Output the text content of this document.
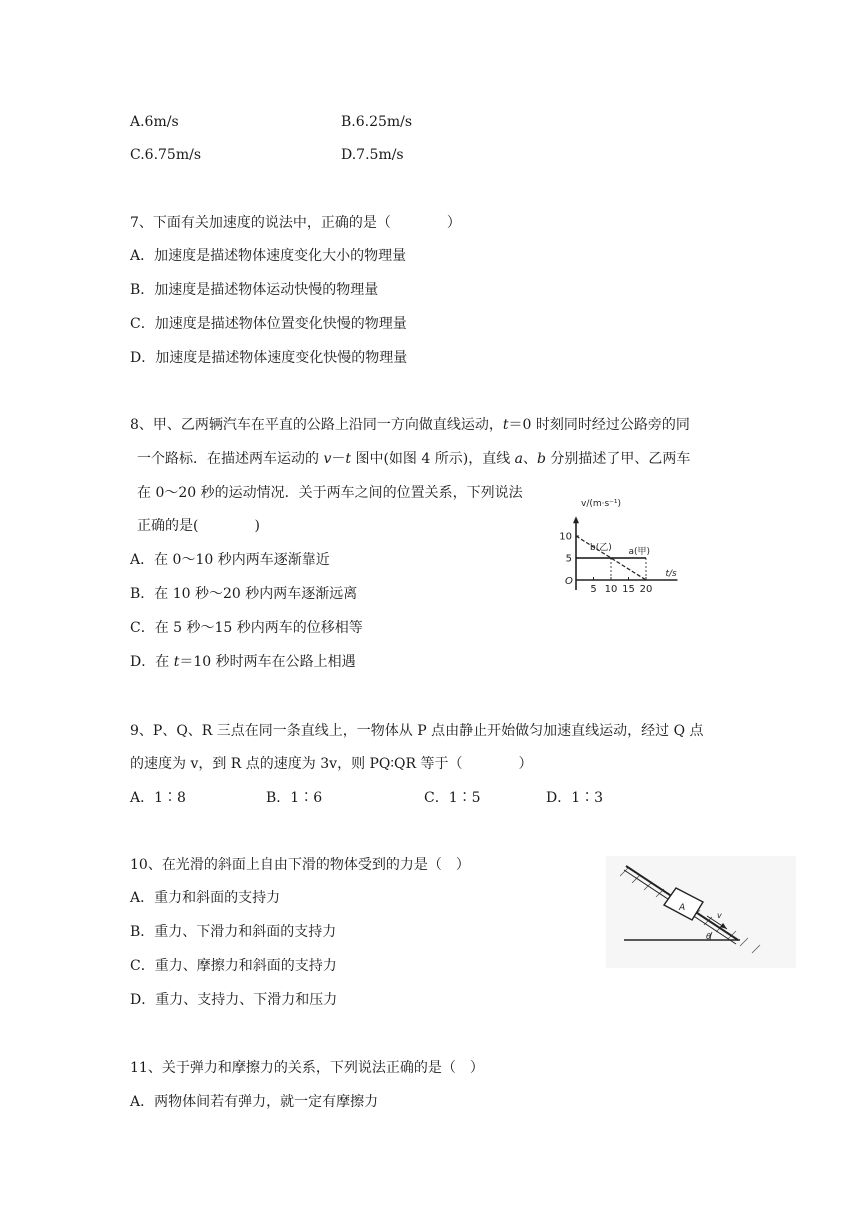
A.6m/s	B.6.25m/s
C.6.75m/s	D.7.5m/s
7、下面有关加速度的说法中，正确的是（　　　　）
A．加速度是描述物体速度变化大小的物理量
B．加速度是描述物体运动快慢的物理量
C．加速度是描述物体位置变化快慢的物理量
D．加速度是描述物体速度变化快慢的物理量
8、甲、乙两辆汽车在平直的公路上沿同一方向做直线运动，t＝0 时刻同时经过公路旁的同
一个路标．在描述两车运动的 v－t 图中(如图 4 所示)，直线 a、b 分别描述了甲、乙两车
在 0～20 秒的运动情况．关于两车之间的位置关系，下列说法
正确的是(　　　　)
A．在 0～10 秒内两车逐渐靠近
B．在 10 秒～20 秒内两车逐渐远离
C．在 5 秒～15 秒内两车的位移相等
D．在 t＝10 秒时两车在公路上相遇
5
10
5 10 15 20
a(甲)
b(乙)
v/(m·s⁻¹)
t/s
O
9、P、Q、R 三点在同一条直线上，一物体从 P 点由静止开始做匀加速直线运动，经过 Q 点
的速度为 v，到 R 点的速度为 3v，则 PQ∶QR 等于（　　　　）
A．1∶8	B．1∶6	C．1∶5	D．1∶3
10、在光滑的斜面上自由下滑的物体受到的力是（　）
A．重力和斜面的支持力
B．重力、下滑力和斜面的支持力
C．重力、摩擦力和斜面的支持力
D．重力、支持力、下滑力和压力
A
v
θ
11、关于弹力和摩擦力的关系，下列说法正确的是（　）
A．两物体间若有弹力，就一定有摩擦力
